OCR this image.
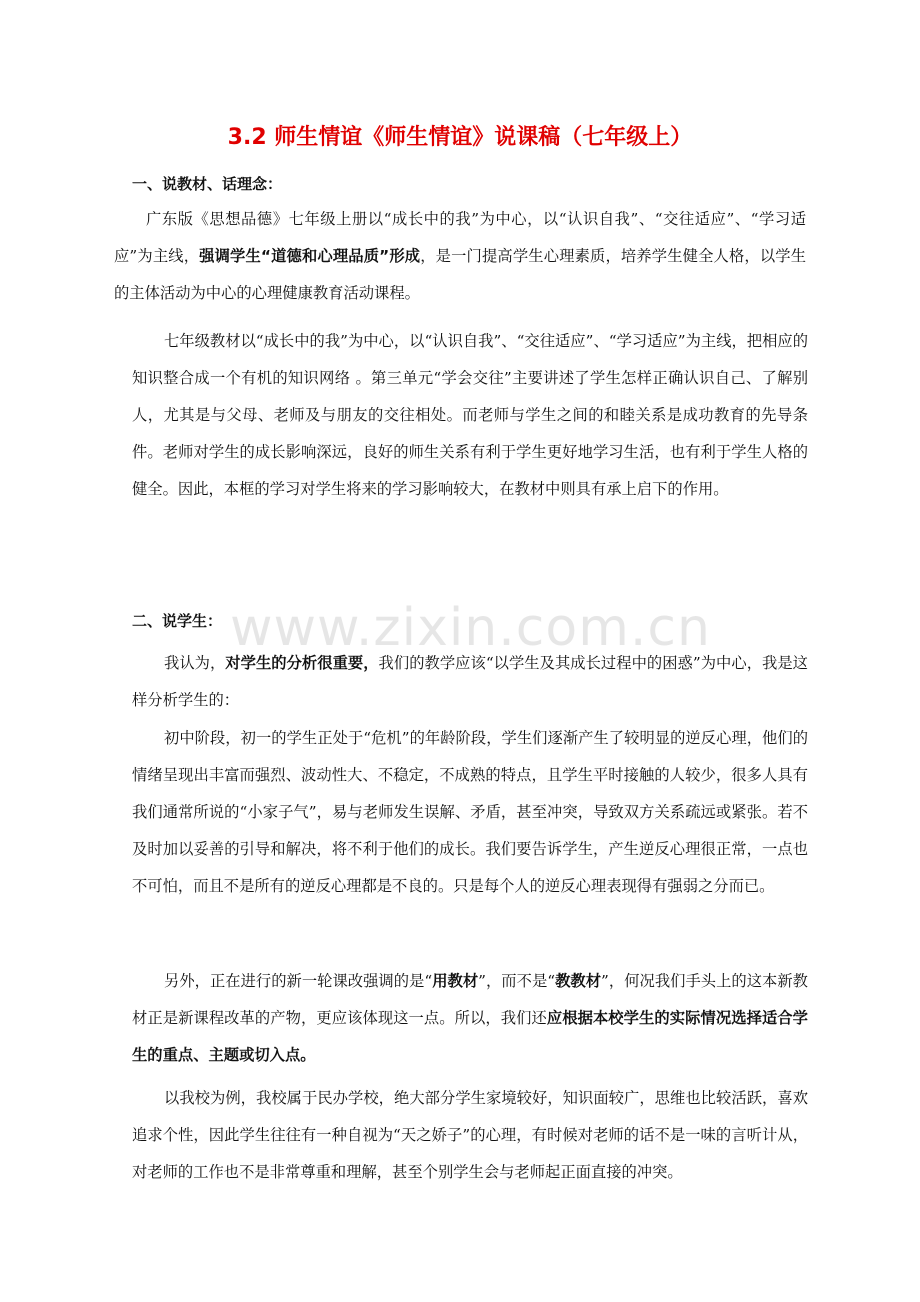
www.zixin.com.cn
3.2 师生情谊《师生情谊》说课稿（七年级上）
一、说教材、话理念：
广东版《思想品德》七年级上册以“成长中的我”为中心，以“认识自我”、“交往适应”、“学习适应”为主线，强调学生“道德和心理品质”形成，是一门提高学生心理素质，培养学生健全人格，以学生的主体活动为中心的心理健康教育活动课程。
七年级教材以“成长中的我”为中心，以“认识自我”、“交往适应”、“学习适应”为主线，把相应的知识整合成一个有机的知识网络 。第三单元“学会交往”主要讲述了学生怎样正确认识自己、了解别人，尤其是与父母、老师及与朋友的交往相处。而老师与学生之间的和睦关系是成功教育的先导条件。老师对学生的成长影响深远，良好的师生关系有利于学生更好地学习生活，也有利于学生人格的健全。因此，本框的学习对学生将来的学习影响较大，在教材中则具有承上启下的作用。
二、说学生：
我认为，对学生的分析很重要，我们的教学应该“以学生及其成长过程中的困惑”为中心，我是这样分析学生的：
初中阶段，初一的学生正处于“危机”的年龄阶段，学生们逐渐产生了较明显的逆反心理，他们的情绪呈现出丰富而强烈、波动性大、不稳定，不成熟的特点，且学生平时接触的人较少，很多人具有我们通常所说的“小家子气”，易与老师发生误解、矛盾，甚至冲突，导致双方关系疏远或紧张。若不及时加以妥善的引导和解决，将不利于他们的成长。我们要告诉学生，产生逆反心理很正常，一点也不可怕，而且不是所有的逆反心理都是不良的。只是每个人的逆反心理表现得有强弱之分而已。
另外，正在进行的新一轮课改强调的是“用教材”，而不是“教教材”，何况我们手头上的这本新教材正是新课程改革的产物，更应该体现这一点。所以，我们还应根据本校学生的实际情况选择适合学生的重点、主题或切入点。
以我校为例，我校属于民办学校，绝大部分学生家境较好，知识面较广，思维也比较活跃，喜欢追求个性，因此学生往往有一种自视为“天之娇子”的心理，有时候对老师的话不是一味的言听计从，对老师的工作也不是非常尊重和理解，甚至个别学生会与老师起正面直接的冲突。
